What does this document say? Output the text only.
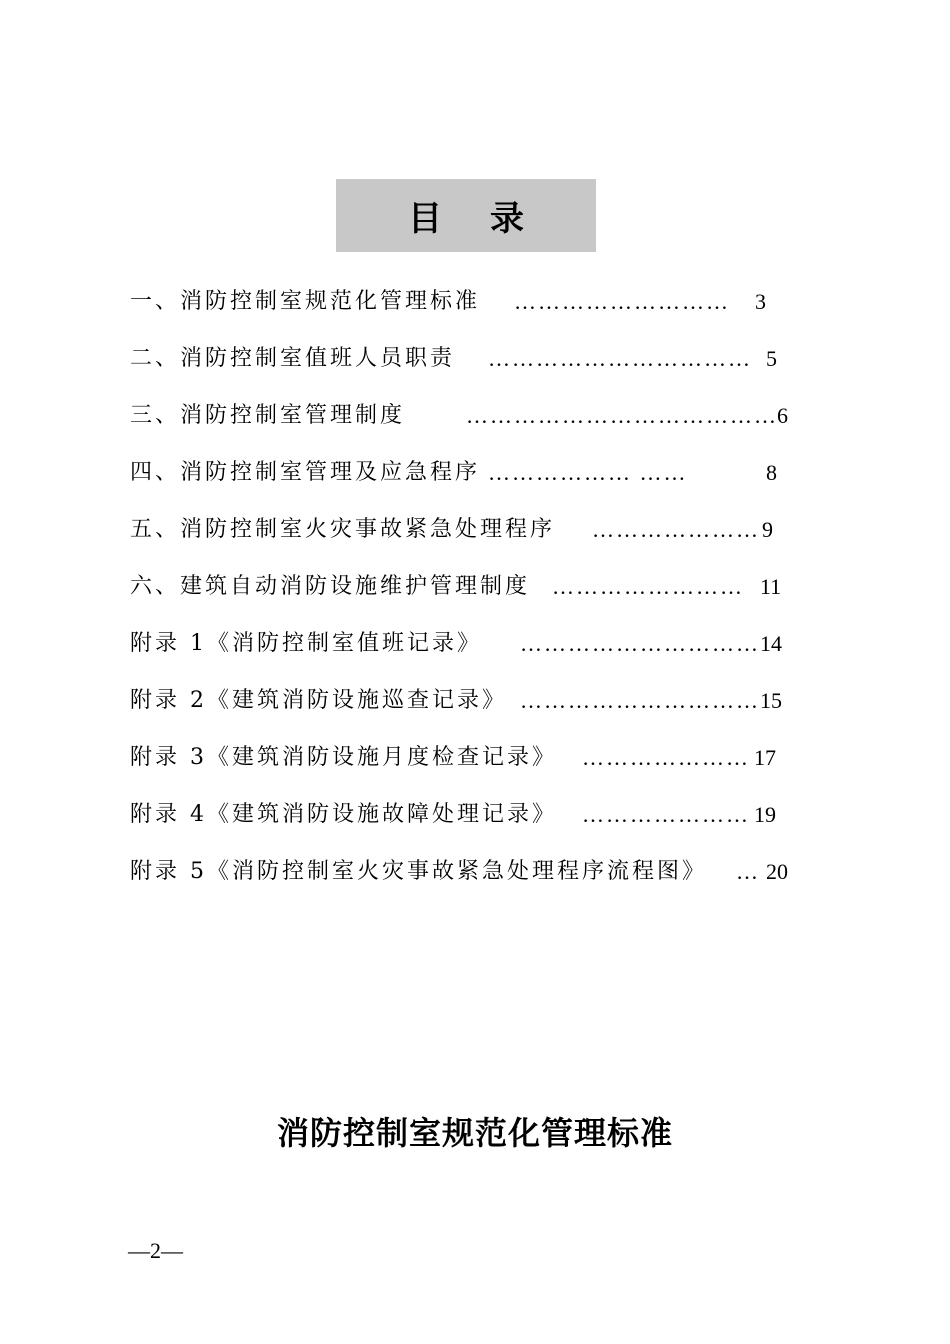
目录
一、消防控制室规范化管理标准 ……………………… 3
二、消防控制室值班人员职责 …………………………… 5
三、消防控制室管理制度	………………………………… 6
四、消防控制室管理及应急程序 ……………… ……	8
五、消防控制室火灾事故紧急处理程序 ………………… 9
六、建筑自动消防设施维护管理制度 …………………… 11
附录 1《消防控制室值班记录》 ………………………… 14
附录 2《建筑消防设施巡查记录》 ………………………… 15
附录 3《建筑消防设施月度检查记录》 ………………… 17
附录 4《建筑消防设施故障处理记录》 ………………… 19
附录 5《消防控制室火灾事故紧急处理程序流程图》 … 20
消防控制室规范化管理标准
—2—
